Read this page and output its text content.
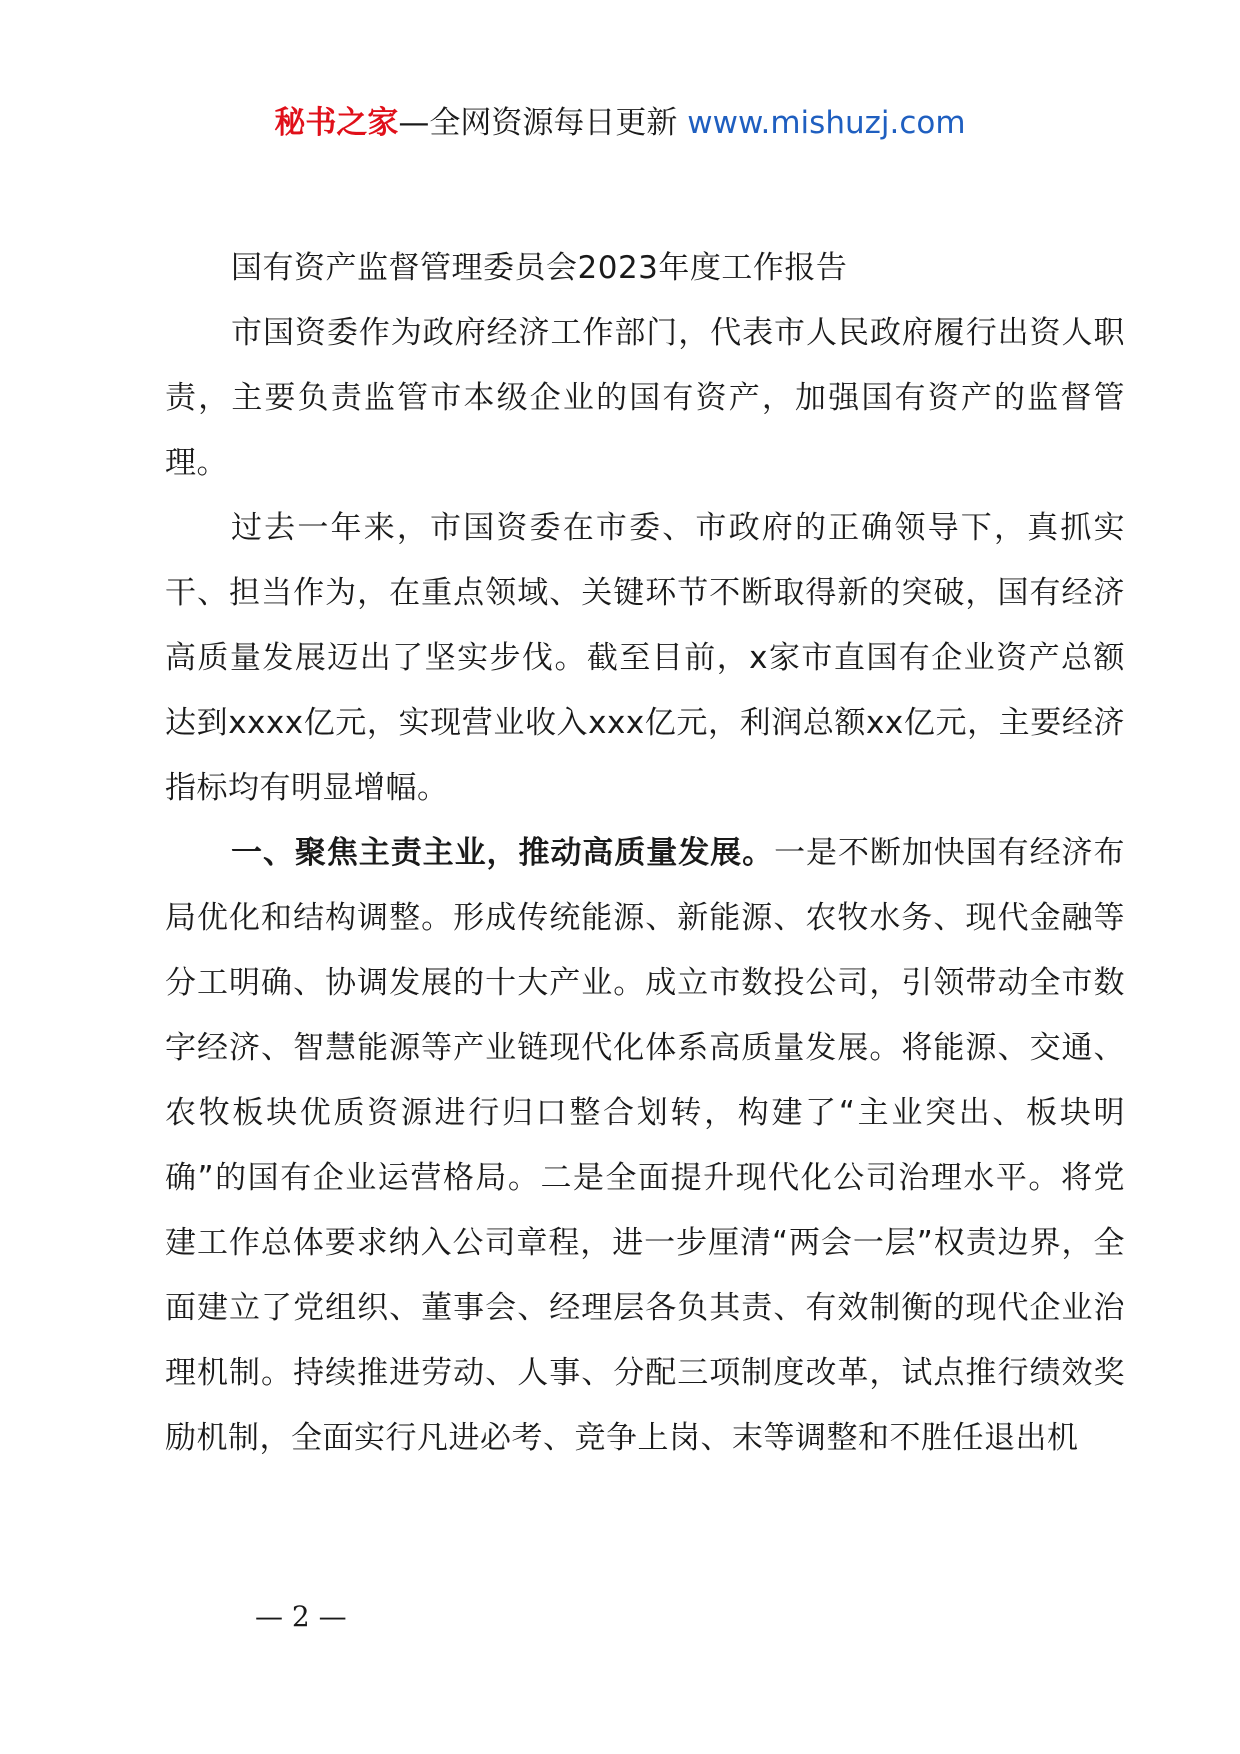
秘书之家—全网资源每日更新 www.mishuzj.com

国有资产监督管理委员会2023年度工作报告

市国资委作为政府经济工作部门，代表市人民政府履行出资人职责，主要负责监管市本级企业的国有资产，加强国有资产的监督管理。

过去一年来，市国资委在市委、市政府的正确领导下，真抓实干、担当作为，在重点领域、关键环节不断取得新的突破，国有经济高质量发展迈出了坚实步伐。截至目前，x家市直国有企业资产总额达到xxxx亿元，实现营业收入xxx亿元，利润总额xx亿元，主要经济指标均有明显增幅。

一、聚焦主责主业，推动高质量发展。一是不断加快国有经济布局优化和结构调整。形成传统能源、新能源、农牧水务、现代金融等分工明确、协调发展的十大产业。成立市数投公司，引领带动全市数字经济、智慧能源等产业链现代化体系高质量发展。将能源、交通、农牧板块优质资源进行归口整合划转，构建了“主业突出、板块明确”的国有企业运营格局。二是全面提升现代化公司治理水平。将党建工作总体要求纳入公司章程，进一步厘清“两会一层”权责边界，全面建立了党组织、董事会、经理层各负其责、有效制衡的现代企业治理机制。持续推进劳动、人事、分配三项制度改革，试点推行绩效奖励机制，全面实行凡进必考、竞争上岗、末等调整和不胜任退出机

— 2 —
